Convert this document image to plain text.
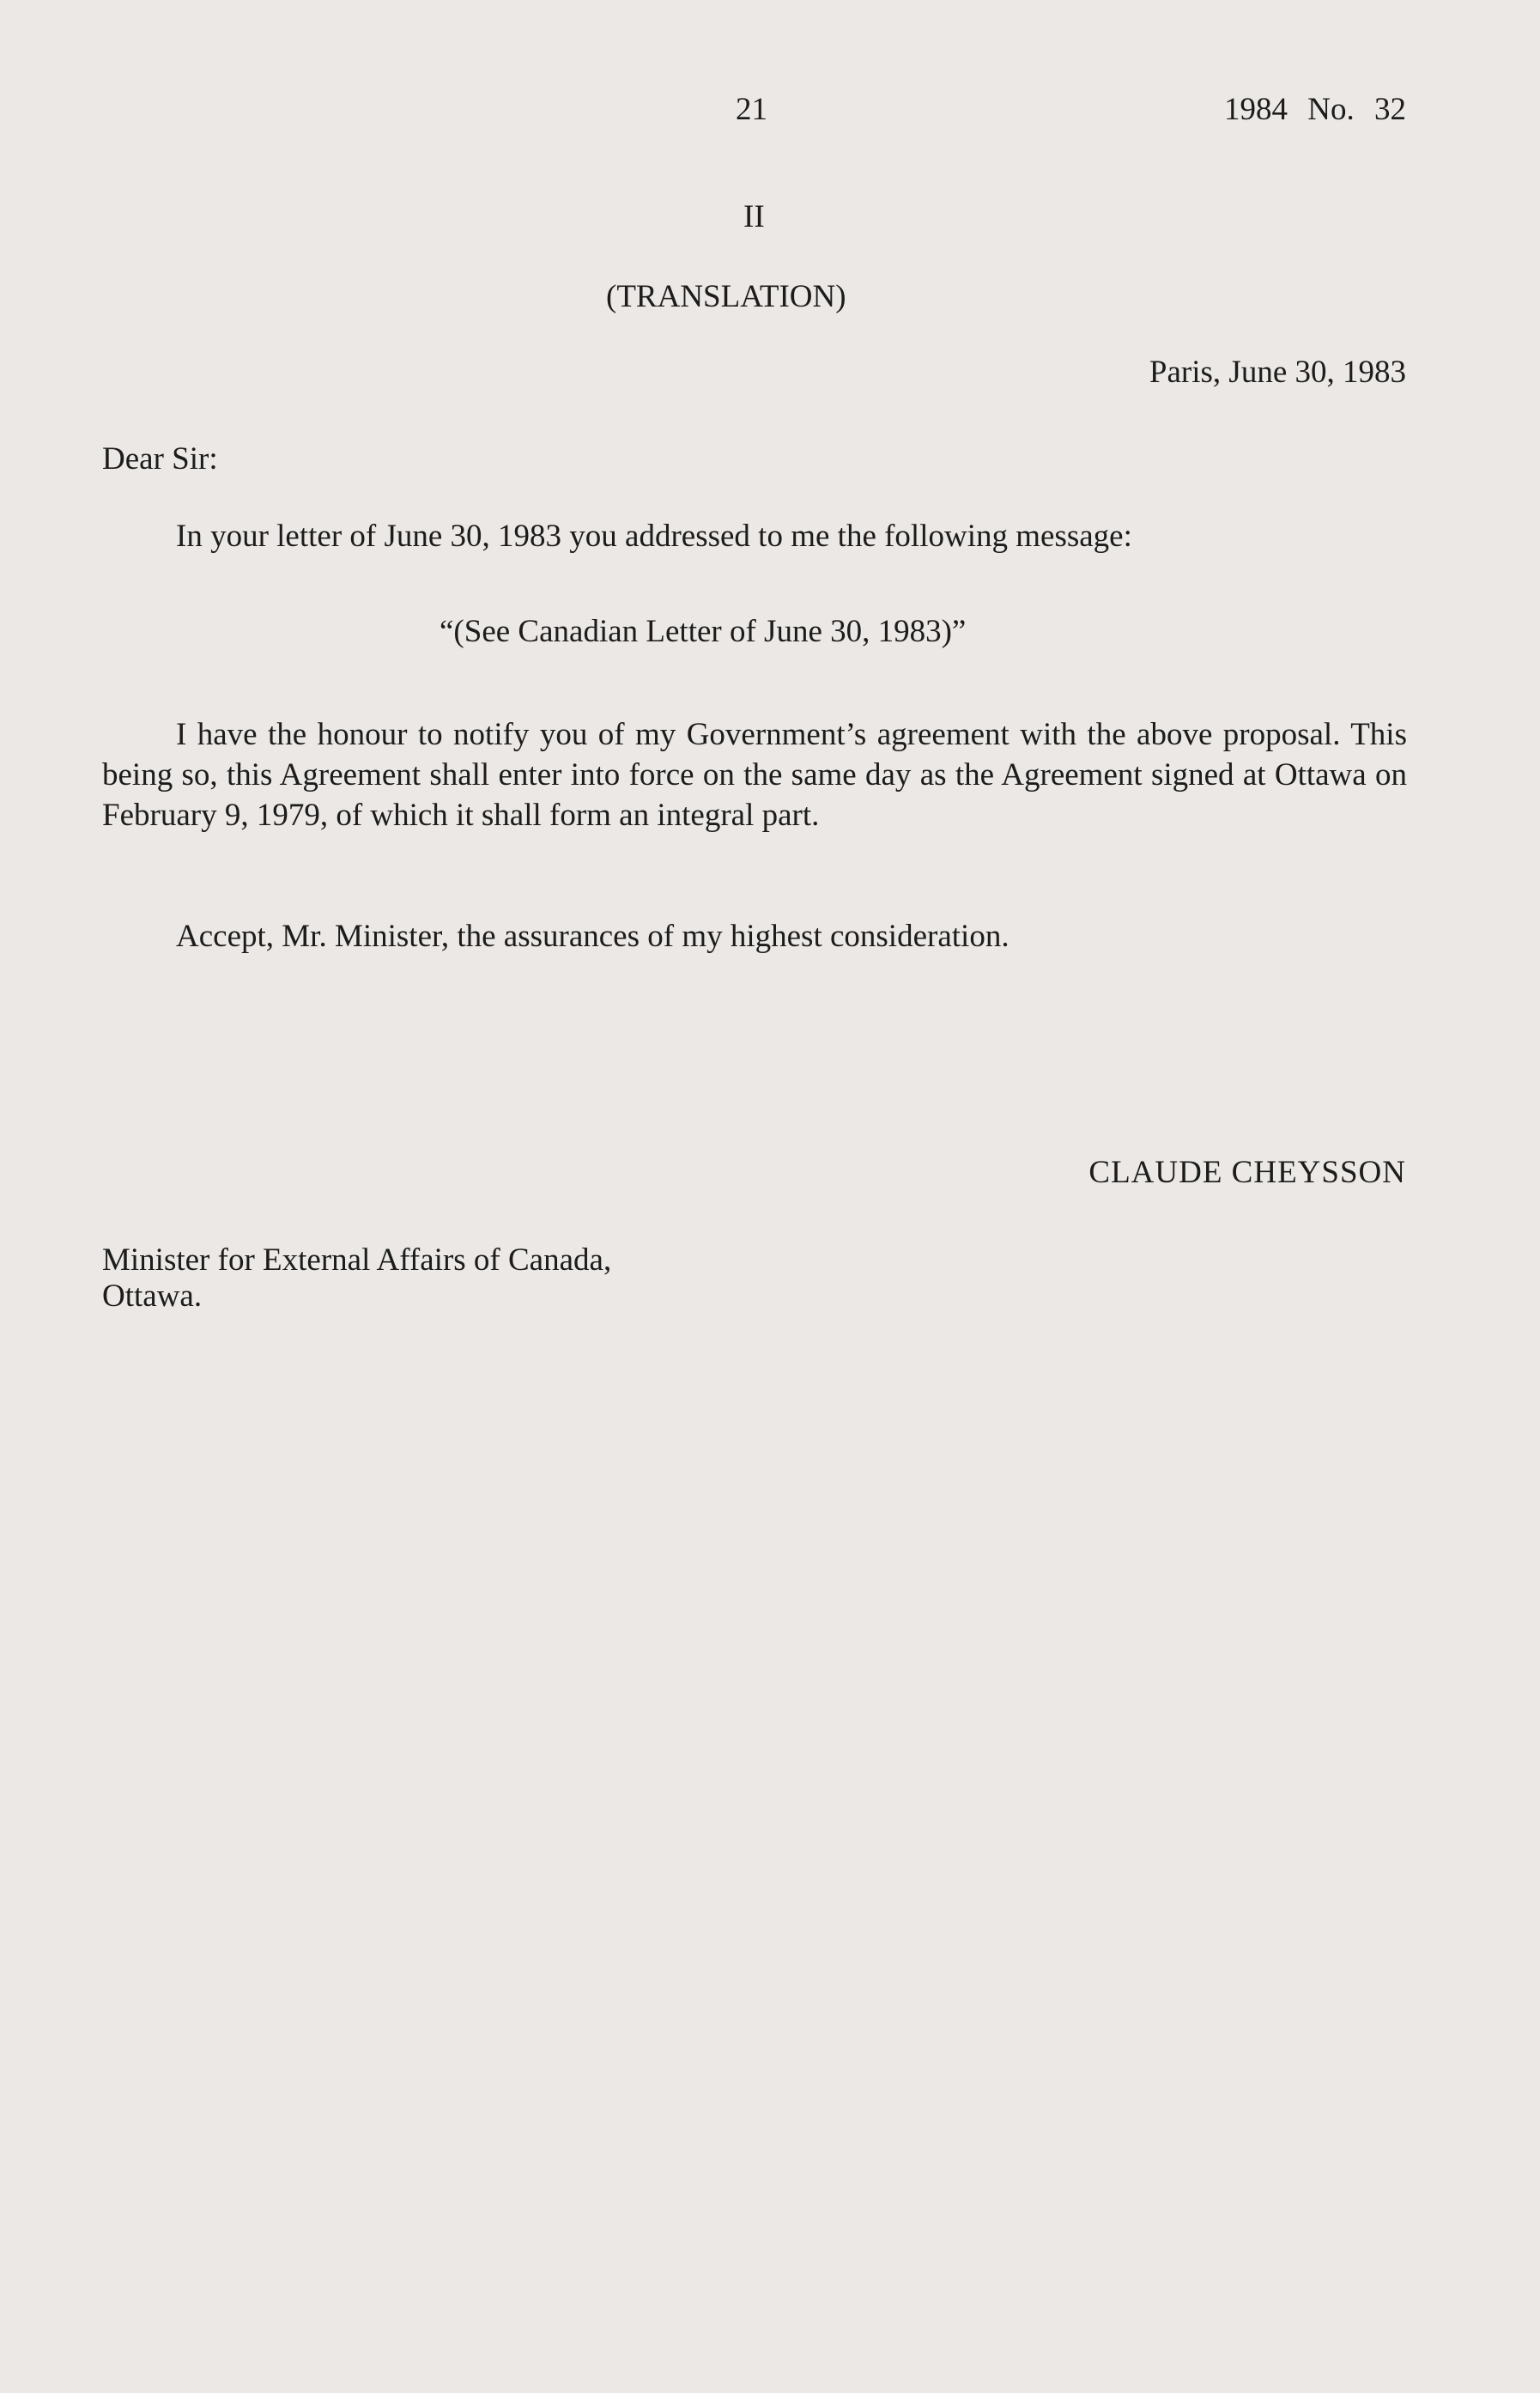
21	1984 No. 32
II
(TRANSLATION)
Paris, June 30, 1983
Dear Sir:
In your letter of June 30, 1983 you addressed to me the following message:
“(See Canadian Letter of June 30, 1983)”
I have the honour to notify you of my Government’s agreement with the above proposal. This being so, this Agreement shall enter into force on the same day as the Agreement signed at Ottawa on February 9, 1979, of which it shall form an integral part.
Accept, Mr. Minister, the assurances of my highest consideration.
CLAUDE CHEYSSON
Minister for External Affairs of Canada,
Ottawa.
